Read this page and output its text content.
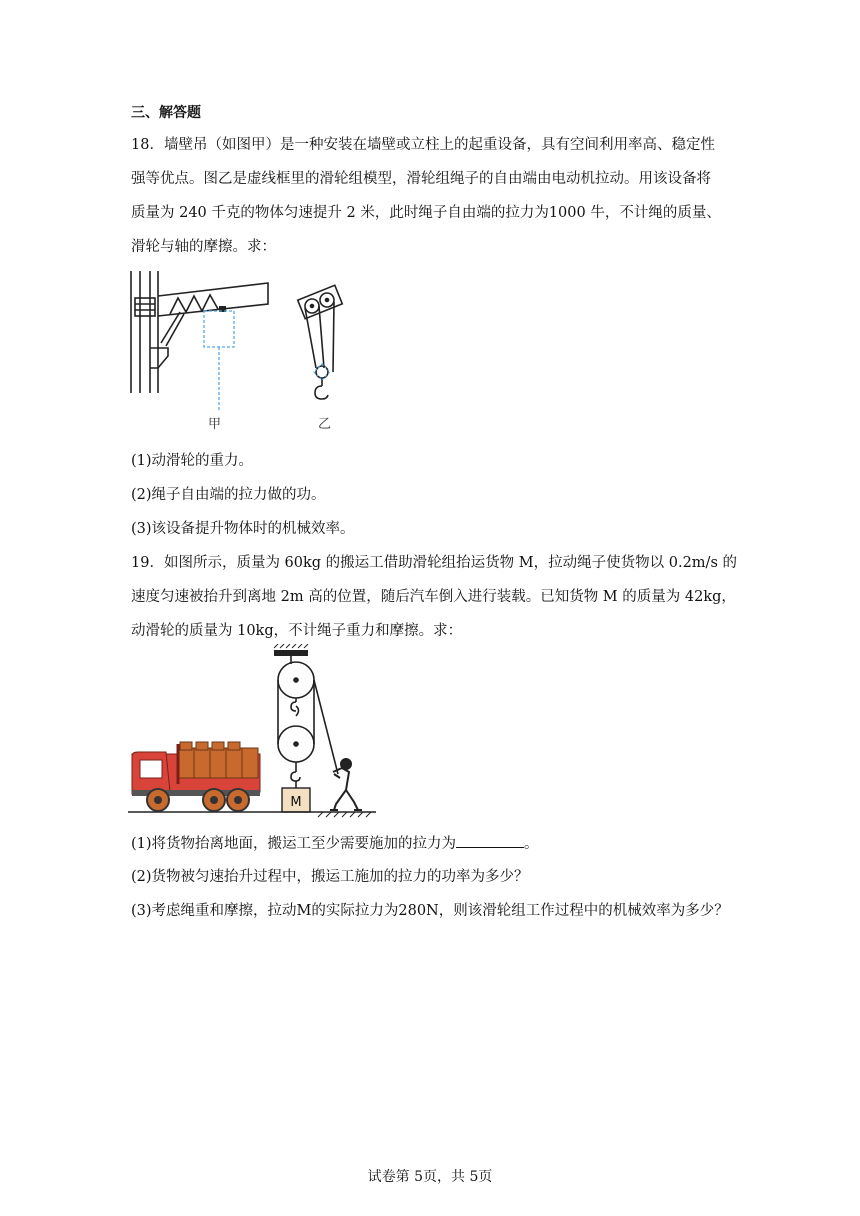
三、解答题
18．墙壁吊（如图甲）是一种安装在墙壁或立柱上的起重设备，具有空间利用率高、稳定性
强等优点。图乙是虚线框里的滑轮组模型，滑轮组绳子的自由端由电动机拉动。用该设备将
质量为 240 千克的物体匀速提升 2 米，此时绳子自由端的拉力为1000 牛，不计绳的质量、
滑轮与轴的摩擦。求：
甲	乙
(1)动滑轮的重力。
(2)绳子自由端的拉力做的功。
(3)该设备提升物体时的机械效率。
19．如图所示，质量为 60kg 的搬运工借助滑轮组抬运货物 M，拉动绳子使货物以 0.2m/s 的
速度匀速被抬升到离地 2m 高的位置，随后汽车倒入进行装载。已知货物 M 的质量为 42kg，
动滑轮的质量为 10kg，不计绳子重力和摩擦。求：
M
(1)将货物抬离地面，搬运工至少需要施加的拉力为	。
(2)货物被匀速抬升过程中，搬运工施加的拉力的功率为多少？
(3)考虑绳重和摩擦，拉动M的实际拉力为280N，则该滑轮组工作过程中的机械效率为多少？
试卷第 5页，共 5页
